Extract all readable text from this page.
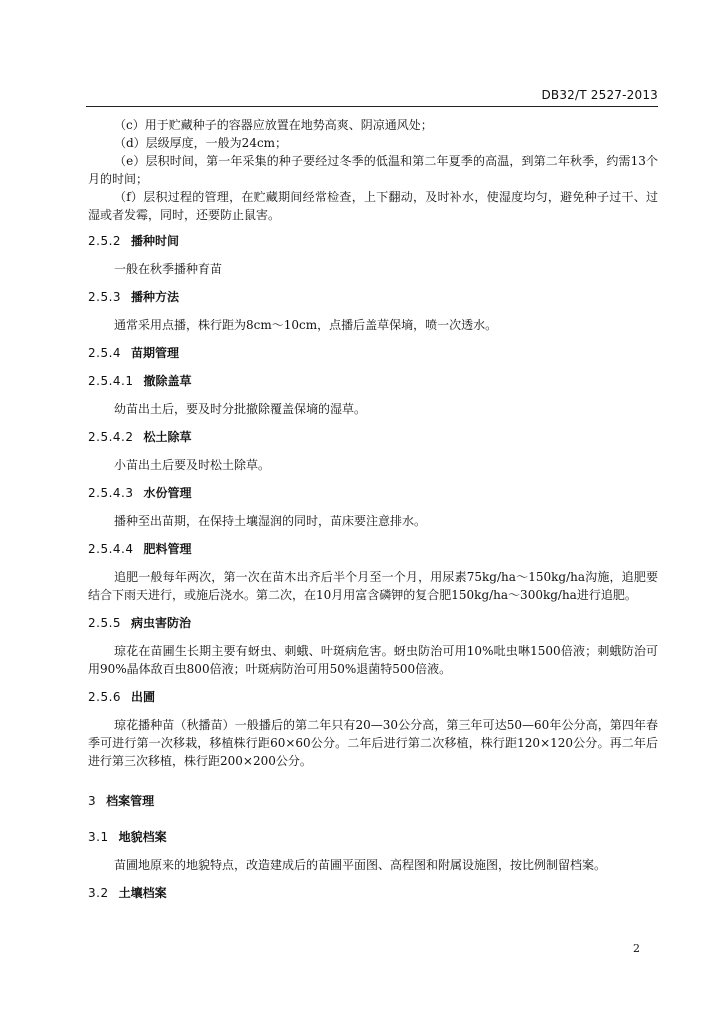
DB32/T 2527-2013

（c）用于贮藏种子的容器应放置在地势高爽、阴凉通风处；

（d）层级厚度，一般为24cm；

（e）层积时间，第一年采集的种子要经过冬季的低温和第二年夏季的高温，到第二年秋季，约需13个月的时间；

（f）层积过程的管理，在贮藏期间经常检查，上下翻动，及时补水，使湿度均匀，避免种子过干、过湿或者发霉，同时，还要防止鼠害。

2.5.2 播种时间

一般在秋季播种育苗

2.5.3 播种方法

通常采用点播，株行距为8cm～10cm，点播后盖草保墒，喷一次透水。

2.5.4 苗期管理
2.5.4.1 撤除盖草

幼苗出土后，要及时分批撤除覆盖保墒的湿草。

2.5.4.2 松土除草

小苗出土后要及时松土除草。

2.5.4.3 水份管理

播种至出苗期，在保持土壤湿润的同时，苗床要注意排水。

2.5.4.4 肥料管理

追肥一般每年两次，第一次在苗木出齐后半个月至一个月，用尿素75kg/ha～150kg/ha沟施，追肥要结合下雨天进行，或施后浇水。第二次，在10月用富含磷钾的复合肥150kg/ha～300kg/ha进行追肥。

2.5.5 病虫害防治

琼花在苗圃生长期主要有蚜虫、刺蛾、叶斑病危害。蚜虫防治可用10%吡虫啉1500倍液；刺蛾防治可用90%晶体敌百虫800倍液；叶斑病防治可用50%退菌特500倍液。

2.5.6 出圃

琼花播种苗（秋播苗）一般播后的第二年只有20—30公分高，第三年可达50—60年公分高，第四年春季可进行第一次移栽，移植株行距60×60公分。二年后进行第二次移植，株行距120×120公分。再二年后进行第三次移植，株行距200×200公分。

3 档案管理
3.1 地貌档案

苗圃地原来的地貌特点，改造建成后的苗圃平面图、高程图和附属设施图，按比例制留档案。

3.2 土壤档案
2
